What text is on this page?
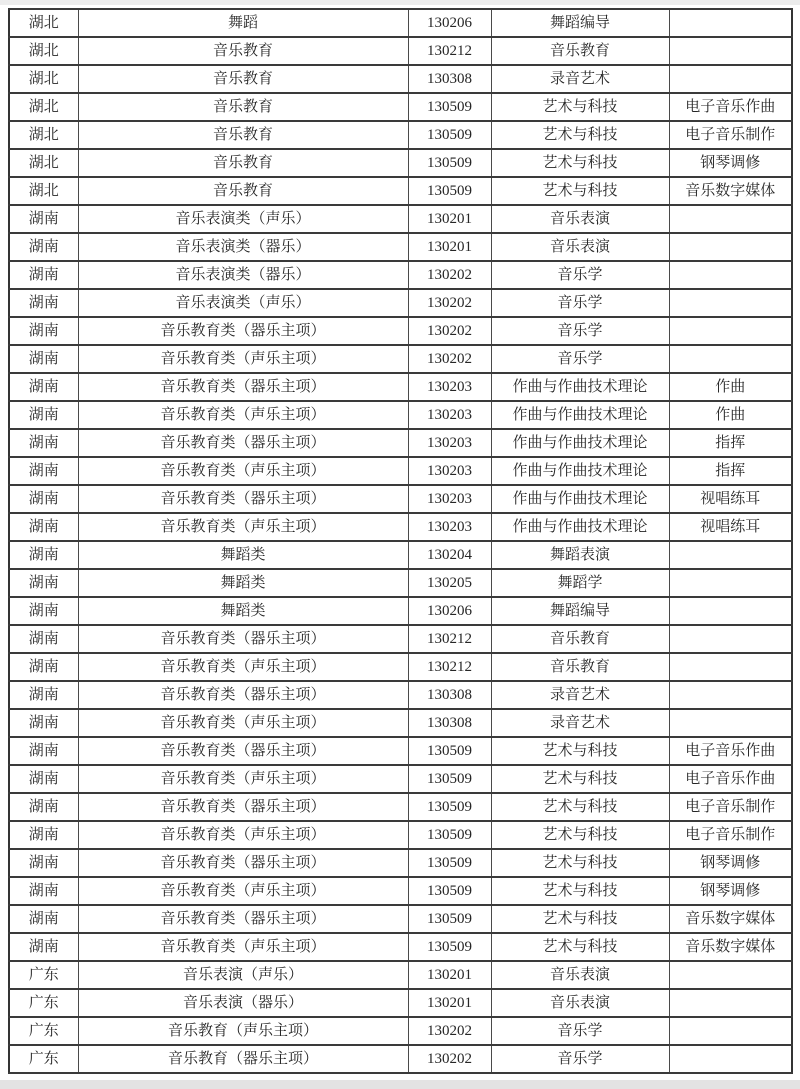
湖北	舞蹈	130206	舞蹈编导	
湖北	音乐教育	130212	音乐教育	
湖北	音乐教育	130308	录音艺术	
湖北	音乐教育	130509	艺术与科技	电子音乐作曲
湖北	音乐教育	130509	艺术与科技	电子音乐制作
湖北	音乐教育	130509	艺术与科技	钢琴调修
湖北	音乐教育	130509	艺术与科技	音乐数字媒体
湖南	音乐表演类（声乐）	130201	音乐表演	
湖南	音乐表演类（器乐）	130201	音乐表演	
湖南	音乐表演类（器乐）	130202	音乐学	
湖南	音乐表演类（声乐）	130202	音乐学	
湖南	音乐教育类（器乐主项）	130202	音乐学	
湖南	音乐教育类（声乐主项）	130202	音乐学	
湖南	音乐教育类（器乐主项）	130203	作曲与作曲技术理论	作曲
湖南	音乐教育类（声乐主项）	130203	作曲与作曲技术理论	作曲
湖南	音乐教育类（器乐主项）	130203	作曲与作曲技术理论	指挥
湖南	音乐教育类（声乐主项）	130203	作曲与作曲技术理论	指挥
湖南	音乐教育类（器乐主项）	130203	作曲与作曲技术理论	视唱练耳
湖南	音乐教育类（声乐主项）	130203	作曲与作曲技术理论	视唱练耳
湖南	舞蹈类	130204	舞蹈表演	
湖南	舞蹈类	130205	舞蹈学	
湖南	舞蹈类	130206	舞蹈编导	
湖南	音乐教育类（器乐主项）	130212	音乐教育	
湖南	音乐教育类（声乐主项）	130212	音乐教育	
湖南	音乐教育类（器乐主项）	130308	录音艺术	
湖南	音乐教育类（声乐主项）	130308	录音艺术	
湖南	音乐教育类（器乐主项）	130509	艺术与科技	电子音乐作曲
湖南	音乐教育类（声乐主项）	130509	艺术与科技	电子音乐作曲
湖南	音乐教育类（器乐主项）	130509	艺术与科技	电子音乐制作
湖南	音乐教育类（声乐主项）	130509	艺术与科技	电子音乐制作
湖南	音乐教育类（器乐主项）	130509	艺术与科技	钢琴调修
湖南	音乐教育类（声乐主项）	130509	艺术与科技	钢琴调修
湖南	音乐教育类（器乐主项）	130509	艺术与科技	音乐数字媒体
湖南	音乐教育类（声乐主项）	130509	艺术与科技	音乐数字媒体
广东	音乐表演（声乐）	130201	音乐表演	
广东	音乐表演（器乐）	130201	音乐表演	
广东	音乐教育（声乐主项）	130202	音乐学	
广东	音乐教育（器乐主项）	130202	音乐学	
